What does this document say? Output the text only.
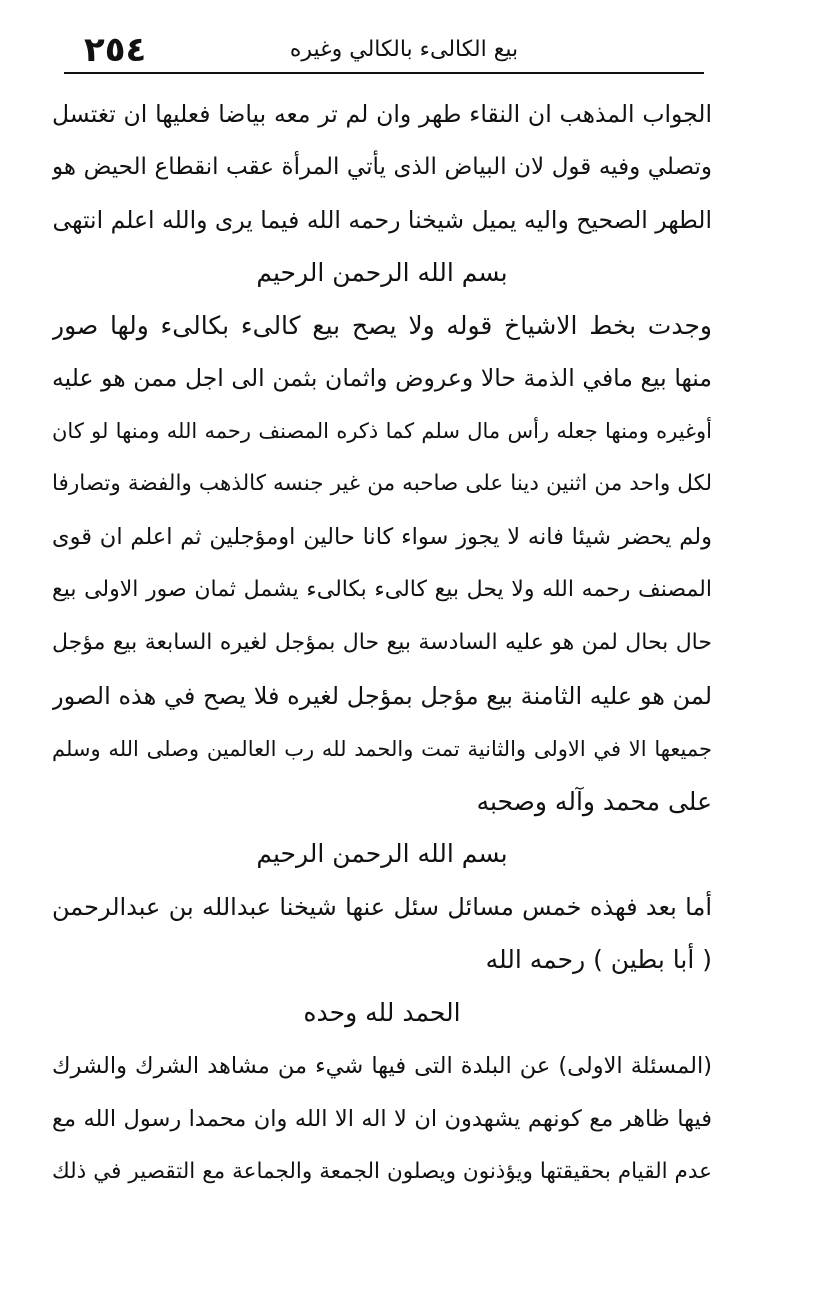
٢٥٤	بيع الكالىء بالكالي وغيره
الجواب المذهب ان النقاء طهر وان لم تر معه بياضا فعليها ان تغتسل
وتصلي وفيه قول لان البياض الذى يأتي المرأة عقب انقطاع الحيض هو
الطهر الصحيح واليه يميل شيخنا رحمه الله فيما يرى والله اعلم انتهى
بسم الله الرحمن الرحيم
وجدت بخط الاشياخ قوله ولا يصح بيع كالىء بكالىء ولها صور
منها بيع مافي الذمة حالا وعروض واثمان بثمن الى اجل ممن هو عليه
أوغيره ومنها جعله رأس مال سلم كما ذكره المصنف رحمه الله ومنها لو كان
لكل واحد من اثنين دينا على صاحبه من غير جنسه كالذهب والفضة وتصارفا
ولم يحضر شيئا فانه لا يجوز سواء كانا حالين اومؤجلين ثم اعلم ان قوى
المصنف رحمه الله ولا يحل بيع كالىء بكالىء يشمل ثمان صور الاولى بيع
حال بحال لمن هو عليه السادسة بيع حال بمؤجل لغيره السابعة بيع مؤجل
لمن هو عليه الثامنة بيع مؤجل بمؤجل لغيره فلا يصح في هذه الصور
جميعها الا في الاولى والثانية تمت والحمد لله رب العالمين وصلى الله وسلم
على محمد وآله وصحبه
بسم الله الرحمن الرحيم
أما بعد فهذه خمس مسائل سئل عنها شيخنا عبدالله بن عبدالرحمن
( أبا بطين ) رحمه الله
الحمد لله وحده
(المسئلة الاولى) عن البلدة التى فيها شيء من مشاهد الشرك والشرك
فيها ظاهر مع كونهم يشهدون ان لا اله الا الله وان محمدا رسول الله مع
عدم القيام بحقيقتها ويؤذنون ويصلون الجمعة والجماعة مع التقصير في ذلك
